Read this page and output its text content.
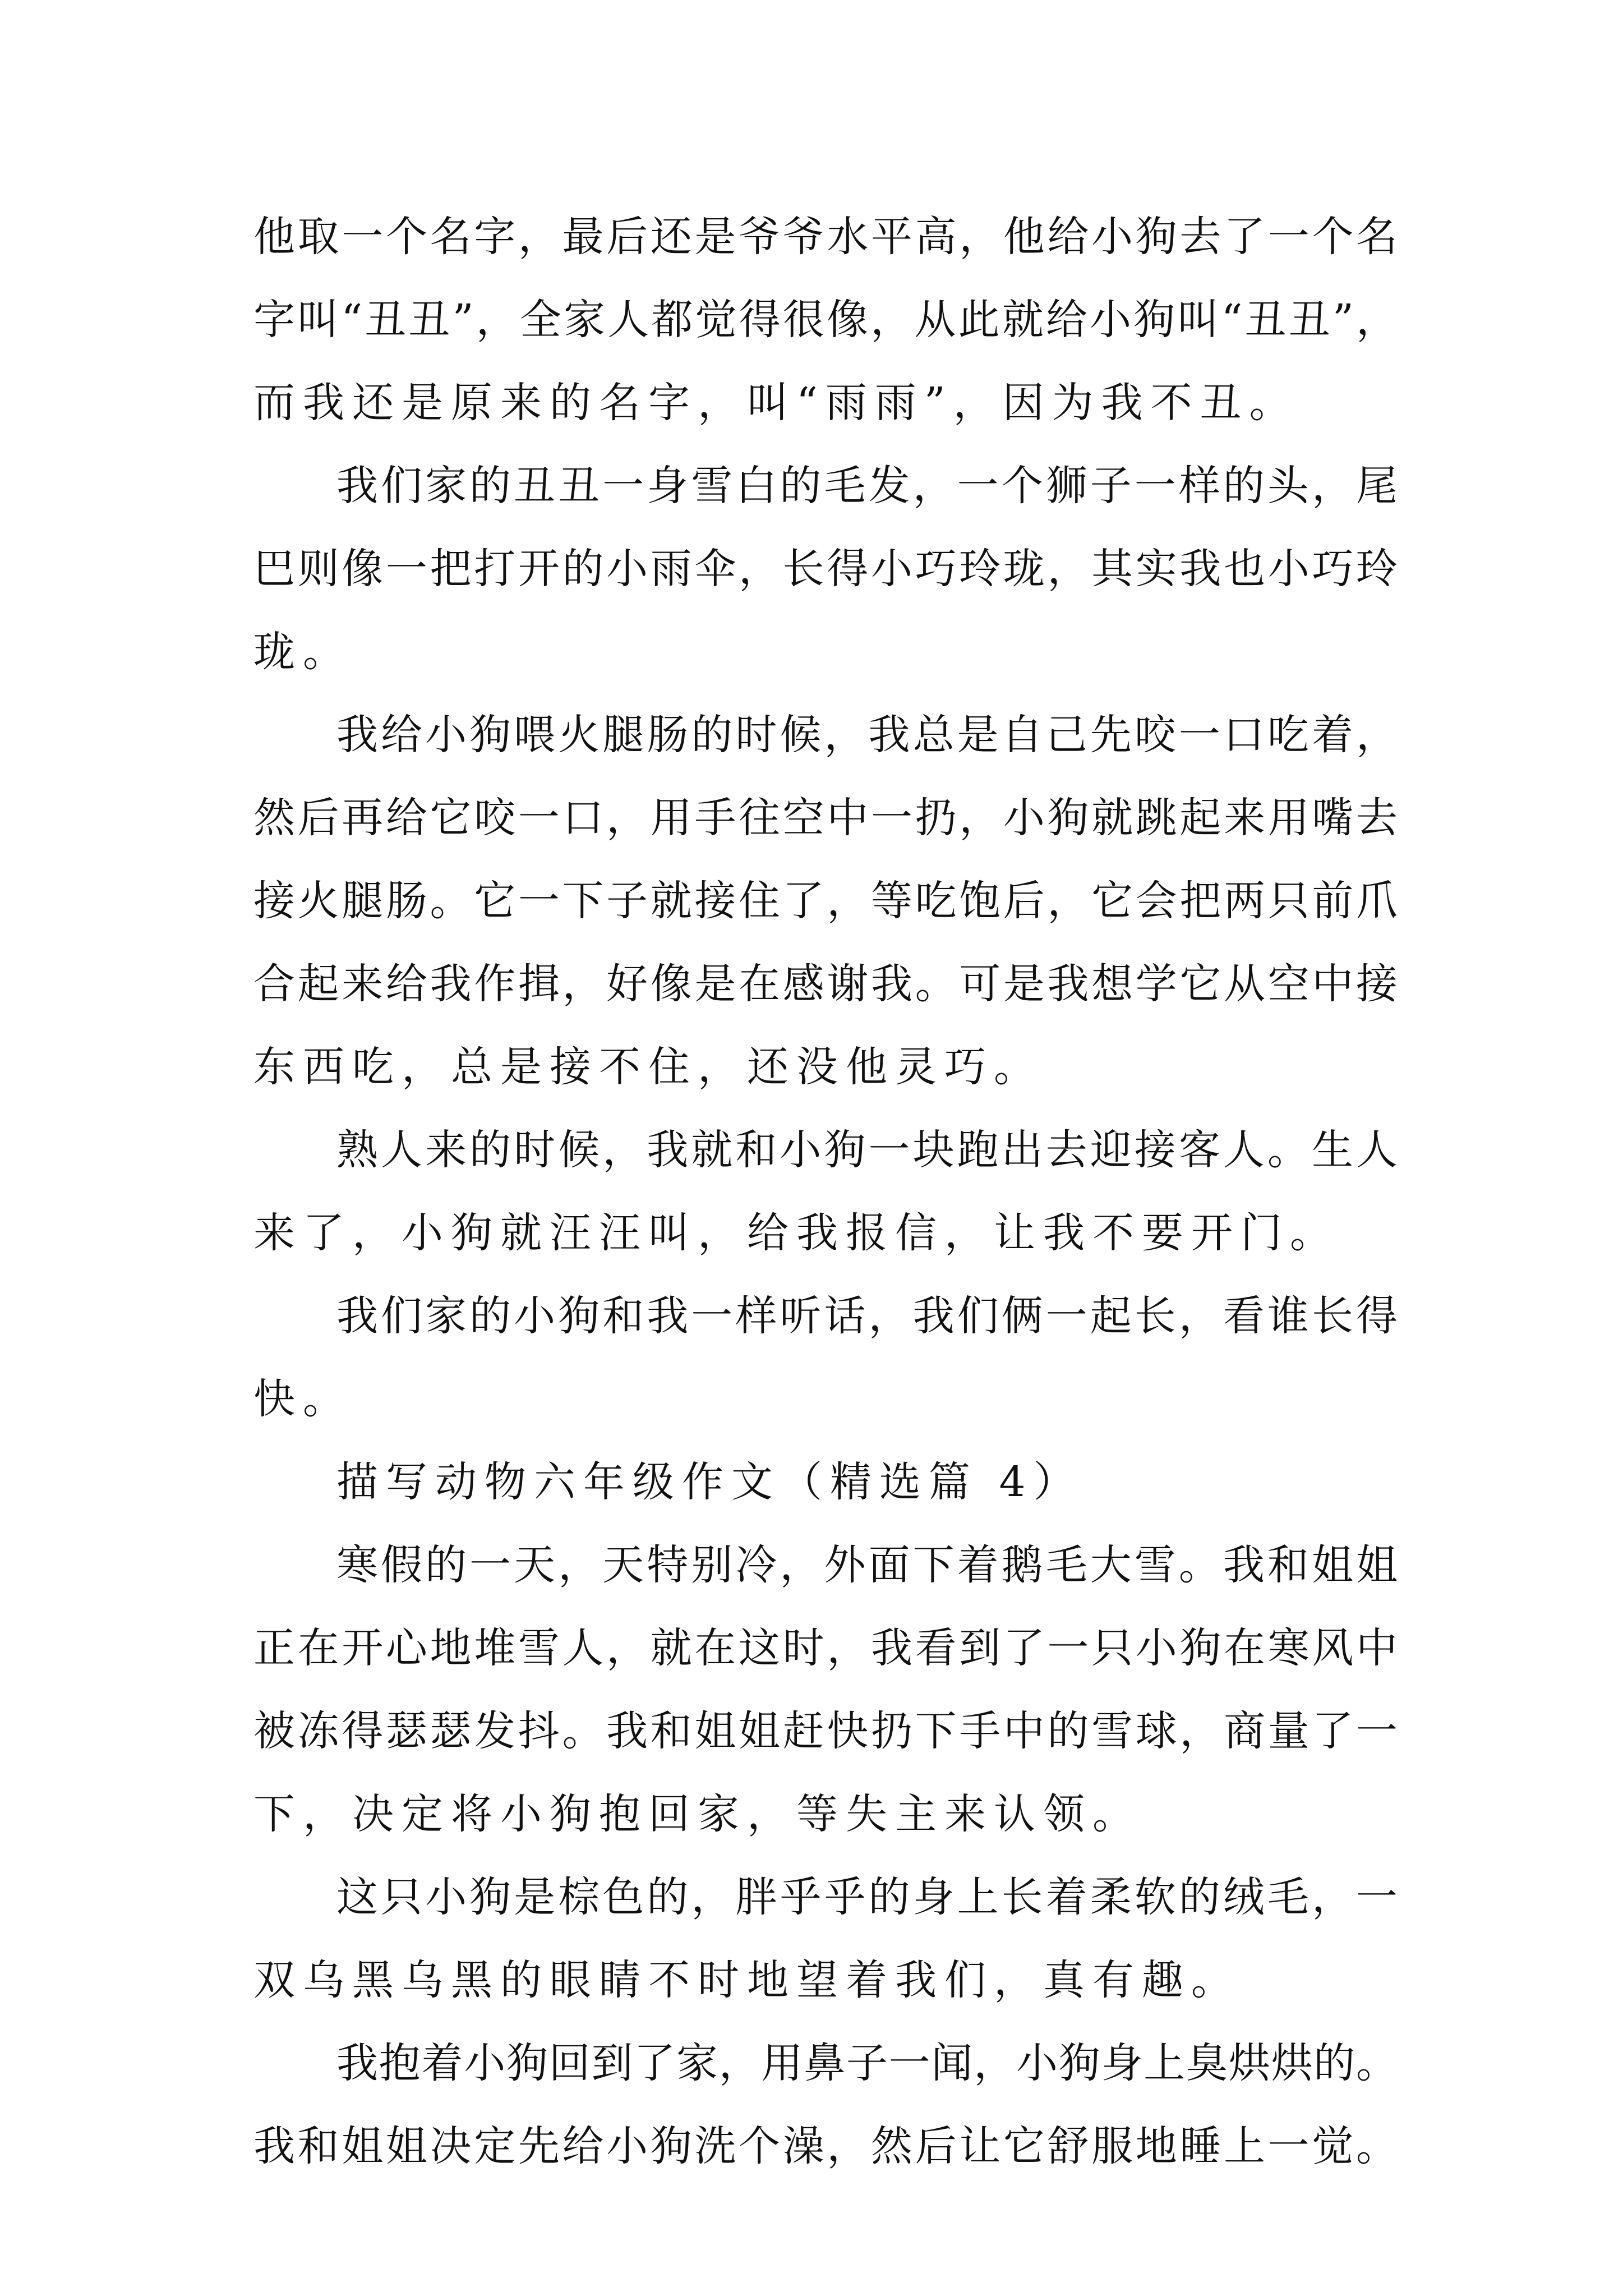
他取一个名字，最后还是爷爷水平高，他给小狗去了一个名

字叫“丑丑”，全家人都觉得很像，从此就给小狗叫“丑丑”，

而我还是原来的名字，叫“雨雨”，因为我不丑。

我们家的丑丑一身雪白的毛发，一个狮子一样的头，尾

巴则像一把打开的小雨伞，长得小巧玲珑，其实我也小巧玲

珑。

我给小狗喂火腿肠的时候，我总是自己先咬一口吃着，

然后再给它咬一口，用手往空中一扔，小狗就跳起来用嘴去

接火腿肠。它一下子就接住了，等吃饱后，它会把两只前爪

合起来给我作揖，好像是在感谢我。可是我想学它从空中接

东西吃，总是接不住，还没他灵巧。

熟人来的时候，我就和小狗一块跑出去迎接客人。生人

来了，小狗就汪汪叫，给我报信，让我不要开门。

我们家的小狗和我一样听话，我们俩一起长，看谁长得

快。

描写动物六年级作文（精选篇 4）

寒假的一天，天特别冷，外面下着鹅毛大雪。我和姐姐

正在开心地堆雪人，就在这时，我看到了一只小狗在寒风中

被冻得瑟瑟发抖。我和姐姐赶快扔下手中的雪球，商量了一

下，决定将小狗抱回家，等失主来认领。

这只小狗是棕色的，胖乎乎的身上长着柔软的绒毛，一

双乌黑乌黑的眼睛不时地望着我们，真有趣。

我抱着小狗回到了家，用鼻子一闻，小狗身上臭烘烘的。

我和姐姐决定先给小狗洗个澡，然后让它舒服地睡上一觉。
